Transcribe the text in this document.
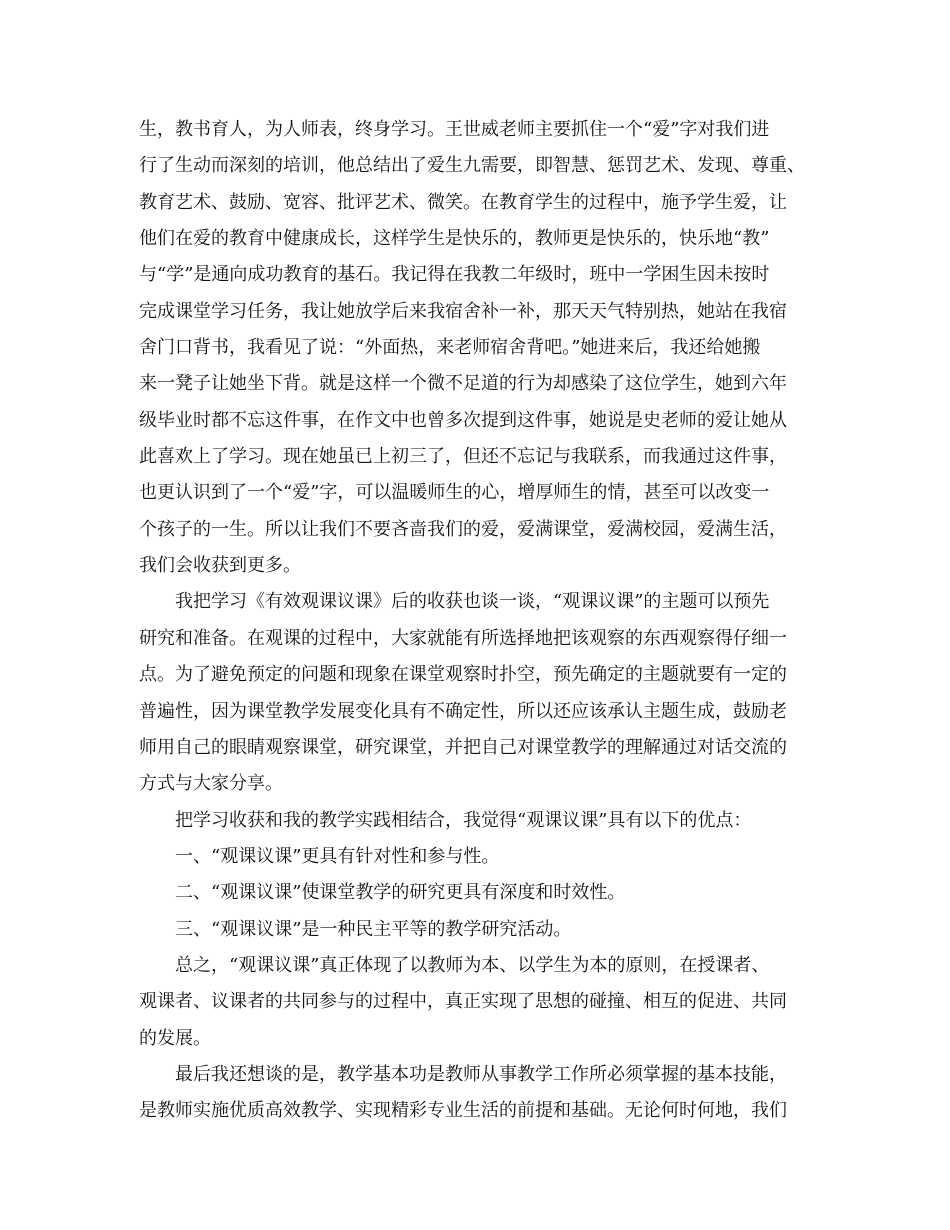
生，教书育人，为人师表，终身学习。王世威老师主要抓住一个“爱”字对我们进
行了生动而深刻的培训，他总结出了爱生九需要，即智慧、惩罚艺术、发现、尊重、
教育艺术、鼓励、宽容、批评艺术、微笑。在教育学生的过程中，施予学生爱，让
他们在爱的教育中健康成长，这样学生是快乐的，教师更是快乐的，快乐地“教”
与“学”是通向成功教育的基石。我记得在我教二年级时，班中一学困生因未按时
完成课堂学习任务，我让她放学后来我宿舍补一补，那天天气特别热，她站在我宿
舍门口背书，我看见了说：“外面热，来老师宿舍背吧。”她进来后，我还给她搬
来一凳子让她坐下背。就是这样一个微不足道的行为却感染了这位学生，她到六年
级毕业时都不忘这件事，在作文中也曾多次提到这件事，她说是史老师的爱让她从
此喜欢上了学习。现在她虽已上初三了，但还不忘记与我联系，而我通过这件事，
也更认识到了一个“爱”字，可以温暖师生的心，增厚师生的情，甚至可以改变一
个孩子的一生。所以让我们不要吝啬我们的爱，爱满课堂，爱满校园，爱满生活，
我们会收获到更多。
我把学习《有效观课议课》后的收获也谈一谈，“观课议课”的主题可以预先
研究和准备。在观课的过程中，大家就能有所选择地把该观察的东西观察得仔细一
点。为了避免预定的问题和现象在课堂观察时扑空，预先确定的主题就要有一定的
普遍性，因为课堂教学发展变化具有不确定性，所以还应该承认主题生成，鼓励老
师用自己的眼睛观察课堂，研究课堂，并把自己对课堂教学的理解通过对话交流的
方式与大家分享。
把学习收获和我的教学实践相结合，我觉得“观课议课”具有以下的优点：
一、“观课议课”更具有针对性和参与性。
二、“观课议课”使课堂教学的研究更具有深度和时效性。
三、“观课议课”是一种民主平等的教学研究活动。
总之，“观课议课”真正体现了以教师为本、以学生为本的原则，在授课者、
观课者、议课者的共同参与的过程中，真正实现了思想的碰撞、相互的促进、共同
的发展。
最后我还想谈的是，教学基本功是教师从事教学工作所必须掌握的基本技能，
是教师实施优质高效教学、实现精彩专业生活的前提和基础。无论何时何地，我们
